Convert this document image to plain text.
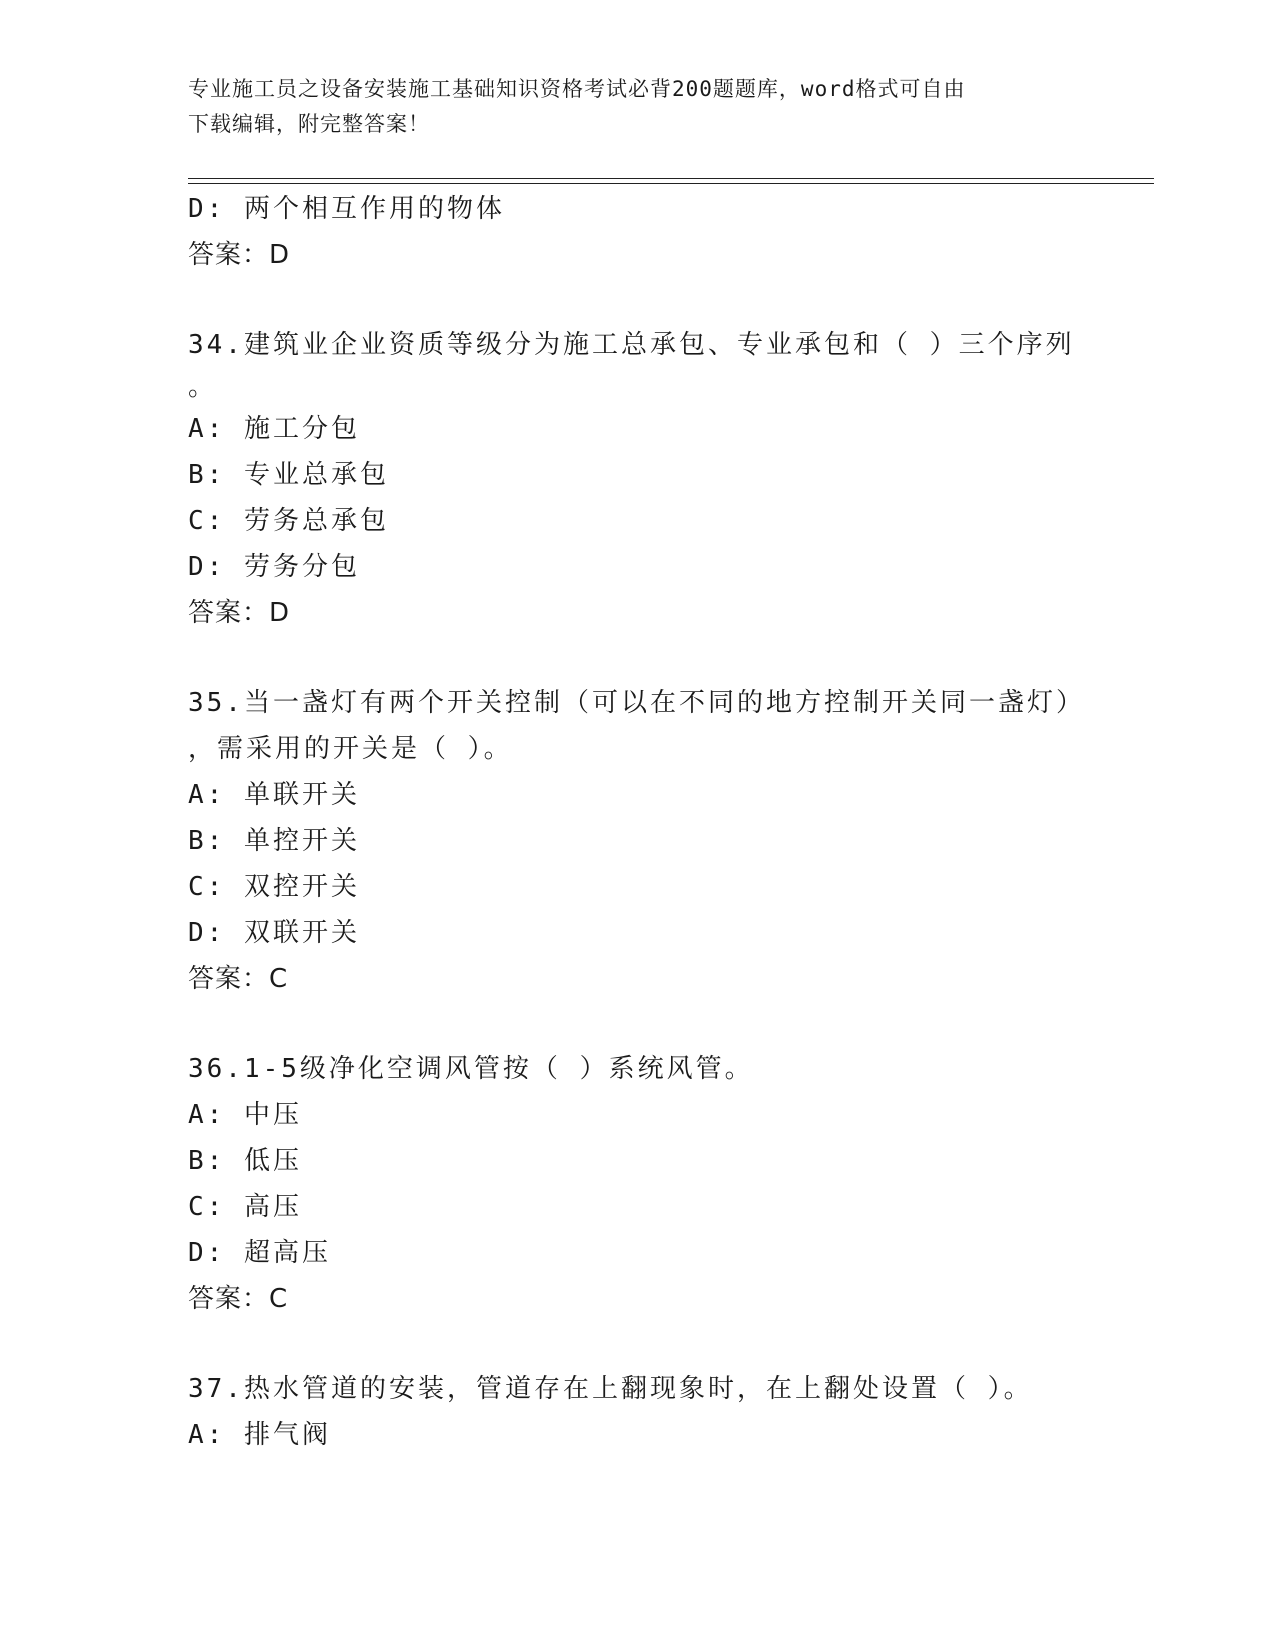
专业施工员之设备安装施工基础知识资格考试必背200题题库，word格式可自由
下载编辑，附完整答案！
D: 两个相互作用的物体
答案：D
34.建筑业企业资质等级分为施工总承包、专业承包和（ ）三个序列
。
A: 施工分包
B: 专业总承包
C: 劳务总承包
D: 劳务分包
答案：D
35.当一盏灯有两个开关控制（可以在不同的地方控制开关同一盏灯）
，需采用的开关是（ ）。
A: 单联开关
B: 单控开关
C: 双控开关
D: 双联开关
答案：C
36.1-5级净化空调风管按（ ）系统风管。
A: 中压
B: 低压
C: 高压
D: 超高压
答案：C
37.热水管道的安装，管道存在上翻现象时，在上翻处设置（ ）。
A: 排气阀
